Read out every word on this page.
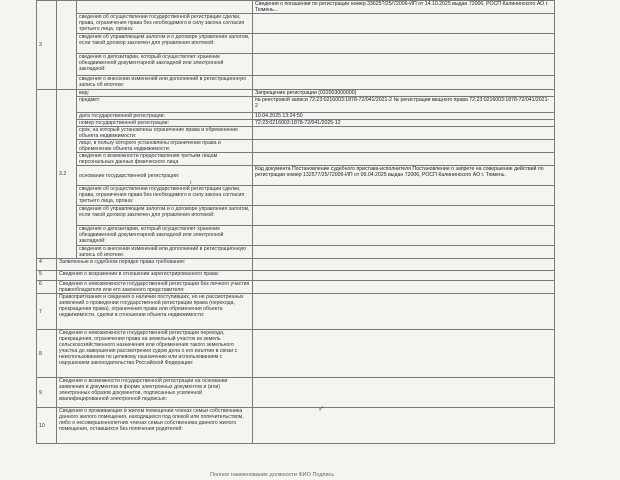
3			Сведения о погашении по регистрации номер 33625?/25/72006-ИП от 14.10.2025 выдан 72006, РОСП Калининского АО г. Тюмень...
		сведения об осуществлении государственной регистрации сделки, права, ограничения права без необходимого в силу закона согласия третьего лица, органа:	
		сведения об управляющем залогом и о договоре управления залогом, если такой договор заключен для управления ипотекой:	
		сведения о депозитарии, который осуществляет хранение обездвиженной документарной закладной или электронной закладной:	
		сведения о внесении изменений или дополнений в регистрационную запись об ипотеке:	
	3.2	вид:	Запрещение регистрации (022003000000)
		предмет:	№ реестровой записи 72:23:0216003:1878-72/041/2021-2 № регистрации вещного права 72:23:0216003:1878-72/041/2021-2
		дата государственной регистрации:	10.04.2025 13:24:50
		номер государственной регистрации:	72:23:0216003:1878-72/041/2025-12
		срок, на который установлены ограничение права и обременение объекта недвижимости:	
		лицо, в пользу которого установлены ограничение права и обременение объекта недвижимости:	
		сведения о возможности предоставления третьим лицам персональных данных физического лица	
		основание государственной регистрации:	Код документа Постановление судебного пристава-исполнителя Постановление о запрете на совершение действий по регистрации номер 132577/25/72006-ИП от 09.04.2025 выдан 72006, РОСП Калининского АО г. Тюмень.
		сведения об осуществлении государственной регистрации сделки, права, ограничения права без необходимого в силу закона согласия третьего лица, органа:	
		сведения об управляющем залогом и о договоре управления залогом, если такой договор заключен для управления ипотекой:	
		сведения о депозитарии, который осуществляет хранение обездвиженной документарной закладной или электронной закладной:	
		сведения о внесении изменений или дополнений в регистрационную запись об ипотеке:	
4	Заявленные в судебном порядке права требования:		
5	Сведения о возражении в отношении зарегистрированного права:		
6	Сведения о невозможности государственной регистрации без личного участия правообладателя или его законного представителя:		
7	Правопритязания и сведения о наличии поступивших, но не рассмотренных заявлений о проведении государственной регистрации права (перехода, прекращения права), ограничения права или обременения объекта недвижимости, сделки в отношении объекта недвижимости:		
8	Сведения о невозможности государственной регистрации перехода, прекращения, ограничения права на земельный участок из земель сельскохозяйственного назначения или обременения такого земельного участка до завершения рассмотрения судом дела о его изъятии в связи с неиспользованием по целевому назначению или использованием с нарушением законодательства Российской Федерации:		
9	Сведения о возможности государственной регистрации на основании заявления и документов в форме электронных документов и (или) электронных образов документов, подписанных усиленной квалифицированной электронной подписью:		
10	Сведения о проживающих в жилом помещении членах семьи собственника данного жилого помещения, находящихся под опекой или попечительством, либо о несовершеннолетних членах семьи собственника данного жилого помещения, оставшихся без попечения родителей:		
✓
ı
Полное наименование должности ФИО Подпись
